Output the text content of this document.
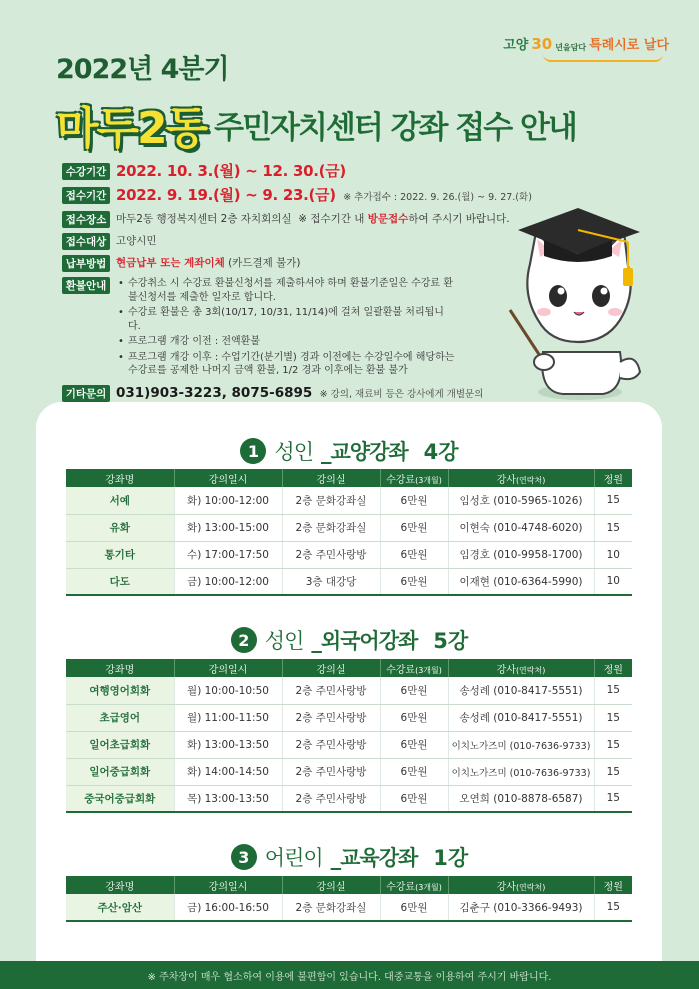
고양 30 년을담다 특례시로 날다
2022년 4분기
마두2동 주민자치센터 강좌 접수 안내
수강기간 2022. 10. 3.(월) ~ 12. 30.(금)
접수기간 2022. 9. 19.(월) ~ 9. 23.(금) ※ 추가접수 : 2022. 9. 26.(월) ~ 9. 27.(화)
접수장소 마두2동 행정복지센터 2층 자치회의실 ※ 접수기간 내 방문접수하여 주시기 바랍니다.
접수대상 고양시민
납부방법 현금납부 또는 계좌이체 (카드결제 불가)
환불안내	• 수강취소 시 수강료 환불신청서를 제출하셔야 하며 환불기준일은 수강료 환불신청서를 제출한 일자로 합니다.
• 수강료 환불은 총 3회(10/17, 10/31, 11/14)에 걸쳐 일괄환불 처리됩니다.
• 프로그램 개강 이전 : 전액환불
• 프로그램 개강 이후 : 수업기간(분기별) 경과 이전에는 수강일수에 해당하는 수강료를 공제한 나머지 금액 환불, 1/2 경과 이후에는 환불 불가
기타문의 031)903-3223, 8075-6895 ※ 강의, 재료비 등은 강사에게 개별문의
1 성인 _교양강좌 4강
강좌명	강의일시	강의실	수강료(3개월)	강사(연락처)	정원
서예	화) 10:00-12:00	2층 문화강좌실	6만원	임성호 (010-5965-1026)	15
유화	화) 13:00-15:00	2층 문화강좌실	6만원	이현숙 (010-4748-6020)	15
통기타	수) 17:00-17:50	2층 주민사랑방	6만원	임경호 (010-9958-1700)	10
다도	금) 10:00-12:00	3층 대강당	6만원	이재현 (010-6364-5990)	10
2 성인 _외국어강좌 5강
강좌명	강의일시	강의실	수강료(3개월)	강사(연락처)	정원
여행영어회화	월) 10:00-10:50	2층 주민사랑방	6만원	송성례 (010-8417-5551)	15
초급영어	월) 11:00-11:50	2층 주민사랑방	6만원	송성례 (010-8417-5551)	15
일어초급회화	화) 13:00-13:50	2층 주민사랑방	6만원	이치노가즈미 (010-7636-9733)	15
일어중급회화	화) 14:00-14:50	2층 주민사랑방	6만원	이치노가즈미 (010-7636-9733)	15
중국어중급회화	목) 13:00-13:50	2층 주민사랑방	6만원	오연희 (010-8878-6587)	15
3 어린이 _교육강좌 1강
강좌명	강의일시	강의실	수강료(3개월)	강사(연락처)	정원
주산·암산	금) 16:00-16:50	2층 문화강좌실	6만원	김춘구 (010-3366-9493)	15
※ 주차장이 매우 협소하여 이용에 불편함이 있습니다. 대중교통을 이용하여 주시기 바랍니다.
